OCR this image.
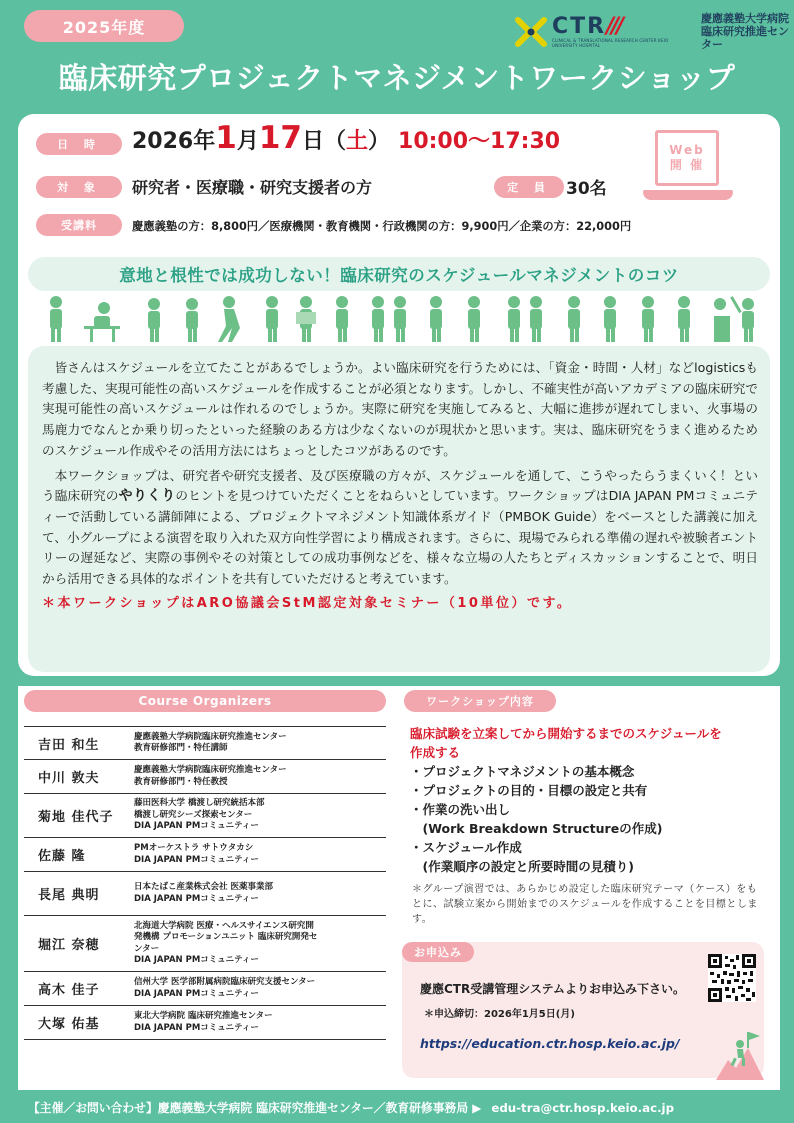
2025年度	CTR///
CLINICAL & TRANSLATIONAL RESEARCH CENTER KEIO UNIVERSITY HOSPITAL
慶應義塾大学病院
臨床研究推進センター
臨床研究プロジェクトマネジメントワークショップ
日 時	2026年1月17日（土） 10:00～17:30
対 象	研究者・医療職・研究支援者の方	定 員 30名
受講料	慶應義塾の方：8,800円／医療機関・教育機関・行政機関の方：9,900円／企業の方：22,000円
Web
開 催
意地と根性では成功しない！臨床研究のスケジュールマネジメントのコツ

皆さんはスケジュールを立てたことがあるでしょうか。よい臨床研究を行うためには、「資金・時間・人材」などlogisticsも考慮した、実現可能性の高いスケジュールを作成することが必須となります。しかし、不確実性が高いアカデミアの臨床研究で実現可能性の高いスケジュールは作れるのでしょうか。実際に研究を実施してみると、大幅に進捗が遅れてしまい、火事場の馬鹿力でなんとか乗り切ったといった経験のある方は少なくないのが現状かと思います。実は、臨床研究をうまく進めるためのスケジュール作成やその活用方法にはちょっとしたコツがあるのです。

本ワークショップは、研究者や研究支援者、及び医療職の方々が、スケジュールを通して、こうやったらうまくいく！という臨床研究のやりくりのヒントを見つけていただくことをねらいとしています。ワークショップはDIA JAPAN PMコミュニティーで活動している講師陣による、プロジェクトマネジメント知識体系ガイド（PMBOK Guide）をベースとした講義に加えて、小グループによる演習を取り入れた双方向性学習により構成されます。さらに、現場でみられる準備の遅れや被験者エントリーの遅延など、実際の事例やその対策としての成功事例などを、様々な立場の人たちとディスカッションすることで、明日から活用できる具体的なポイントを共有していただけると考えています。

＊本ワークショップはARO協議会StM認定対象セミナー（10単位）です。

Course Organizers
吉田 和生
慶應義塾大学病院臨床研究推進センター
教育研修部門・特任講師
中川 敦夫
慶應義塾大学病院臨床研究推進センター
教育研修部門・特任教授
菊地 佳代子
藤田医科大学 橋渡し研究統括本部
橋渡し研究シーズ探索センター
DIA JAPAN PMコミュニティー
佐藤 隆
PMオーケストラ サトウタカシ
DIA JAPAN PMコミュニティー
長尾 典明
日本たばこ産業株式会社 医薬事業部
DIA JAPAN PMコミュニティー
堀江 奈穂
北海道大学病院 医療・ヘルスサイエンス研究開
発機構 プロモーションユニット 臨床研究開発セ
ンター
DIA JAPAN PMコミュニティー
高木 佳子
信州大学 医学部附属病院臨床研究支援センター
DIA JAPAN PMコミュニティー
大塚 佑基
東北大学病院 臨床研究推進センター
DIA JAPAN PMコミュニティー
ワークショップ内容
臨床試験を立案してから開始するまでのスケジュールを
作成する
・プロジェクトマネジメントの基本概念
・プロジェクトの目的・目標の設定と共有
・作業の洗い出し
　(Work Breakdown Structureの作成)
・スケジュール作成
　(作業順序の設定と所要時間の見積り)
＊グループ演習では、あらかじめ設定した臨床研究テーマ（ケース）をもとに、試験立案から開始までのスケジュールを作成することを目標とします。
お申込み
慶應CTR受講管理システムよりお申込み下さい。
＊申込締切：2026年1月5日(月)
https://education.ctr.hosp.keio.ac.jp/
【主催／お問い合わせ】慶應義塾大学病院 臨床研究推進センター／教育研修事務局 ▶ edu-tra@ctr.hosp.keio.ac.jp
